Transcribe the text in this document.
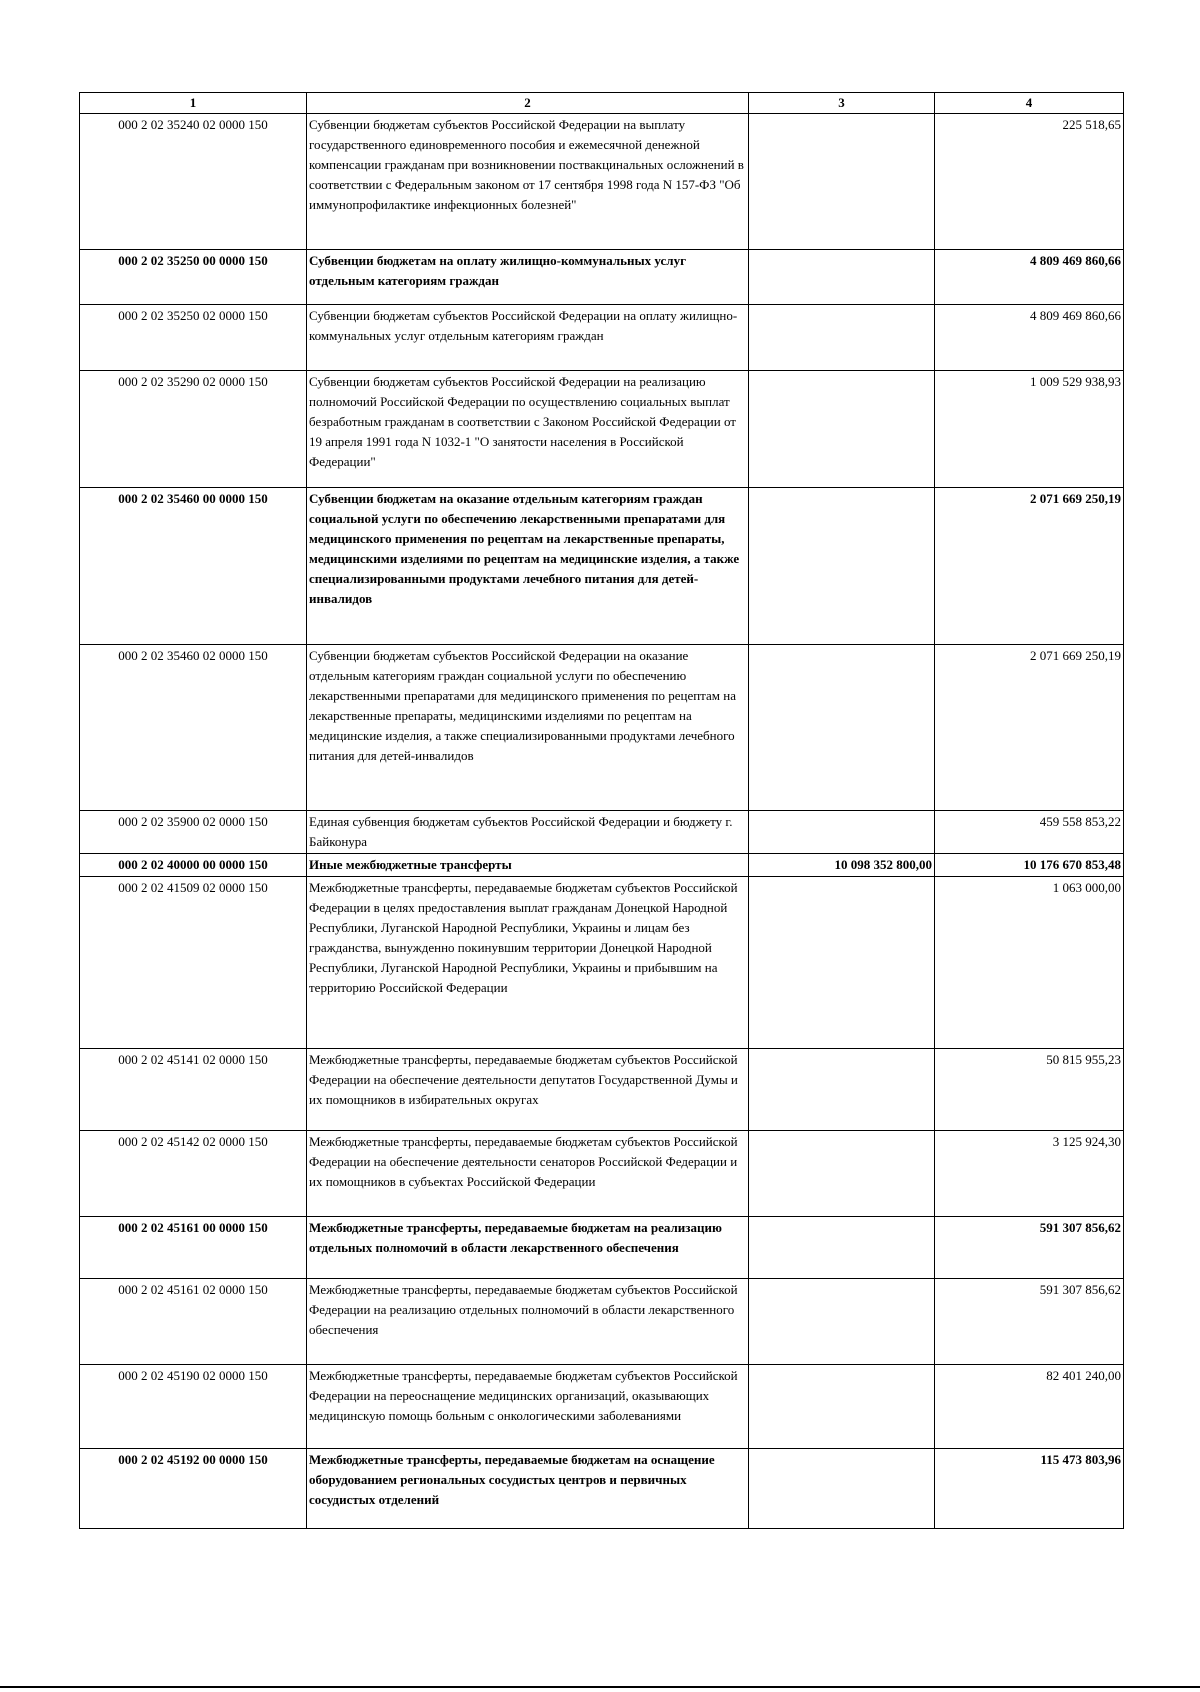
1	2	3	4
000 2 02 35240 02 0000 150	Субвенции бюджетам субъектов Российской Федерации на выплату государственного единовременного пособия и ежемесячной денежной компенсации гражданам при возникновении поствакцинальных осложнений в соответствии с Федеральным законом от 17 сентября 1998 года N 157-ФЗ "Об иммунопрофилактике инфекционных болезней"		225 518,65
000 2 02 35250 00 0000 150	Субвенции бюджетам на оплату жилищно-коммунальных услуг отдельным категориям граждан		4 809 469 860,66
000 2 02 35250 02 0000 150	Субвенции бюджетам субъектов Российской Федерации на оплату жилищно-коммунальных услуг отдельным категориям граждан		4 809 469 860,66
000 2 02 35290 02 0000 150	Субвенции бюджетам субъектов Российской Федерации на реализацию полномочий Российской Федерации по осуществлению социальных выплат безработным гражданам в соответствии с Законом Российской Федерации от 19 апреля 1991 года N 1032-1 "О занятости населения в Российской Федерации"		1 009 529 938,93
000 2 02 35460 00 0000 150	Субвенции бюджетам на оказание отдельным категориям граждан социальной услуги по обеспечению лекарственными препаратами для медицинского применения по рецептам на лекарственные препараты, медицинскими изделиями по рецептам на медицинские изделия, а также специализированными продуктами лечебного питания для детей-инвалидов		2 071 669 250,19
000 2 02 35460 02 0000 150	Субвенции бюджетам субъектов Российской Федерации на оказание отдельным категориям граждан социальной услуги по обеспечению лекарственными препаратами для медицинского применения по рецептам на лекарственные препараты, медицинскими изделиями по рецептам на медицинские изделия, а также специализированными продуктами лечебного питания для детей-инвалидов		2 071 669 250,19
000 2 02 35900 02 0000 150	Единая субвенция бюджетам субъектов Российской Федерации и бюджету г. Байконура		459 558 853,22
000 2 02 40000 00 0000 150	Иные межбюджетные трансферты	10 098 352 800,00	10 176 670 853,48
000 2 02 41509 02 0000 150	Межбюджетные трансферты, передаваемые бюджетам субъектов Российской Федерации в целях предоставления выплат гражданам Донецкой Народной Республики, Луганской Народной Республики, Украины и лицам без гражданства, вынужденно покинувшим территории Донецкой Народной Республики, Луганской Народной Республики, Украины и прибывшим на территорию Российской Федерации		1 063 000,00
000 2 02 45141 02 0000 150	Межбюджетные трансферты, передаваемые бюджетам субъектов Российской Федерации на обеспечение деятельности депутатов Государственной Думы и их помощников в избирательных округах		50 815 955,23
000 2 02 45142 02 0000 150	Межбюджетные трансферты, передаваемые бюджетам субъектов Российской Федерации на обеспечение деятельности сенаторов Российской Федерации и их помощников в субъектах Российской Федерации		3 125 924,30
000 2 02 45161 00 0000 150	Межбюджетные трансферты, передаваемые бюджетам на реализацию отдельных полномочий в области лекарственного обеспечения		591 307 856,62
000 2 02 45161 02 0000 150	Межбюджетные трансферты, передаваемые бюджетам субъектов Российской Федерации на реализацию отдельных полномочий в области лекарственного обеспечения		591 307 856,62
000 2 02 45190 02 0000 150	Межбюджетные трансферты, передаваемые бюджетам субъектов Российской Федерации на переоснащение медицинских организаций, оказывающих медицинскую помощь больным с онкологическими заболеваниями		82 401 240,00
000 2 02 45192 00 0000 150	Межбюджетные трансферты, передаваемые бюджетам на оснащение оборудованием региональных сосудистых центров и первичных сосудистых отделений		115 473 803,96
